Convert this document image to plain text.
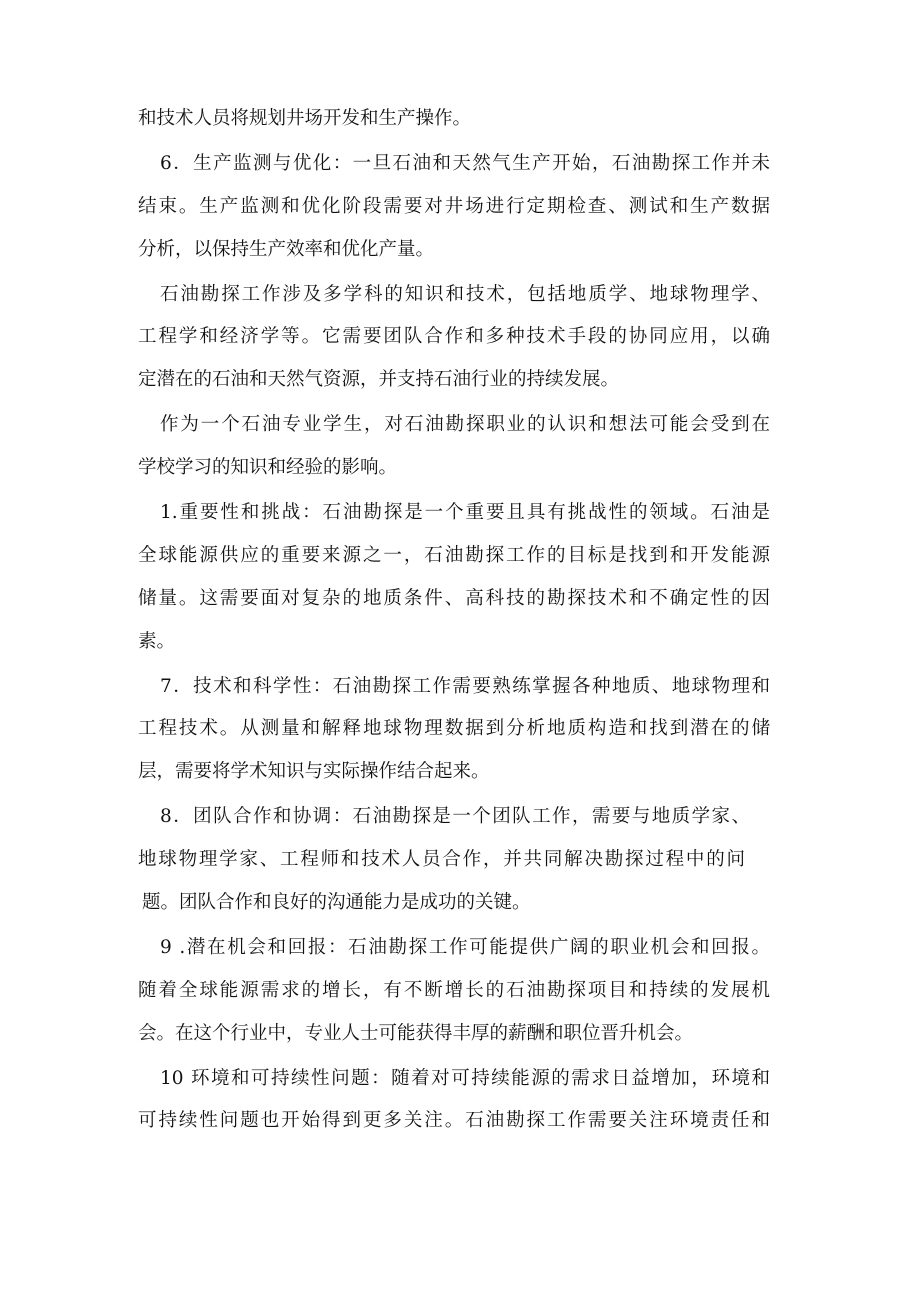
和技术人员将规划井场开发和生产操作。
6．生产监测与优化：一旦石油和天然气生产开始，石油勘探工作并未
结束。生产监测和优化阶段需要对井场进行定期检查、测试和生产数据
分析，以保持生产效率和优化产量。
石油勘探工作涉及多学科的知识和技术，包括地质学、地球物理学、
工程学和经济学等。它需要团队合作和多种技术手段的协同应用，以确
定潜在的石油和天然气资源，并支持石油行业的持续发展。
作为一个石油专业学生，对石油勘探职业的认识和想法可能会受到在
学校学习的知识和经验的影响。
1.重要性和挑战：石油勘探是一个重要且具有挑战性的领域。石油是
全球能源供应的重要来源之一，石油勘探工作的目标是找到和开发能源
储量。这需要面对复杂的地质条件、高科技的勘探技术和不确定性的因
素。
7．技术和科学性：石油勘探工作需要熟练掌握各种地质、地球物理和
工程技术。从测量和解释地球物理数据到分析地质构造和找到潜在的储
层，需要将学术知识与实际操作结合起来。
8．团队合作和协调：石油勘探是一个团队工作，需要与地质学家、
地球物理学家、工程师和技术人员合作，并共同解决勘探过程中的问
题。团队合作和良好的沟通能力是成功的关键。
9 .潜在机会和回报：石油勘探工作可能提供广阔的职业机会和回报。
随着全球能源需求的增长，有不断增长的石油勘探项目和持续的发展机
会。在这个行业中，专业人士可能获得丰厚的薪酬和职位晋升机会。
10 环境和可持续性问题：随着对可持续能源的需求日益增加，环境和
可持续性问题也开始得到更多关注。石油勘探工作需要关注环境责任和
